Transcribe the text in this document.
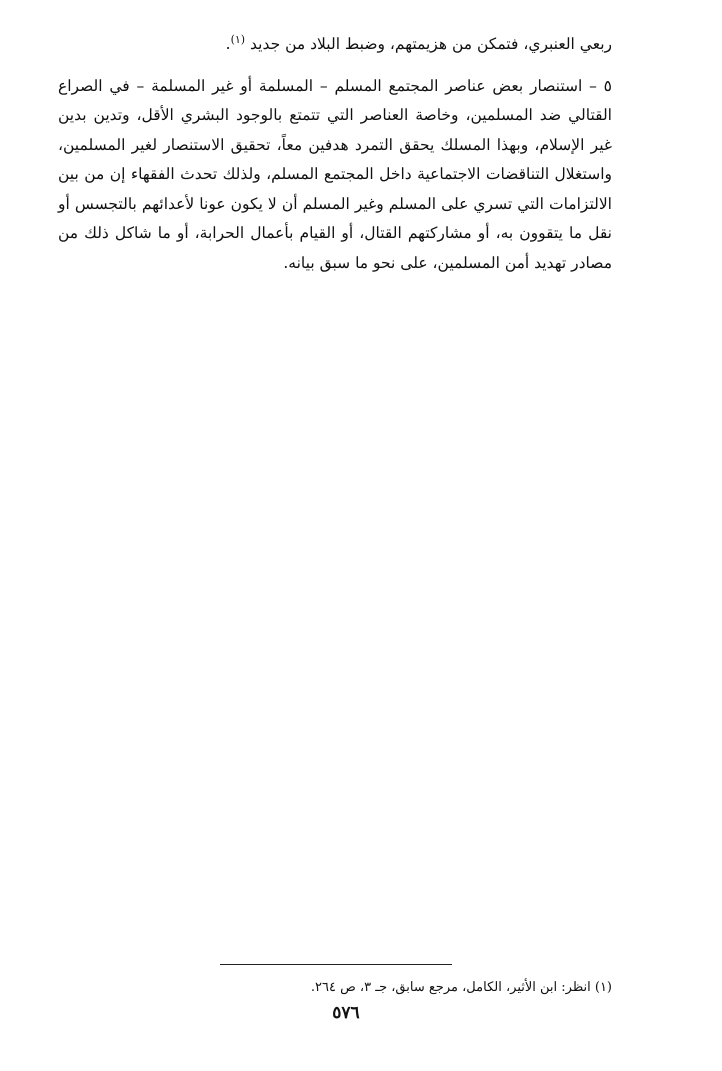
ربعي العنبري، فتمكن من هزيمتهم، وضبط البلاد من جديد $^{(١)}$.
٥ – استنصار بعض عناصر المجتمع المسلم – المسلمة أو غير المسلمة – في الصراع
القتالي ضد المسلمين، وخاصة العناصر التي تتمتع بالوجود البشري الأقل، وتدين بدين
غير الإسلام، وبهذا المسلك يحقق التمرد هدفين معاً، تحقيق الاستنصار لغير المسلمين،
واستغلال التناقضات الاجتماعية داخل المجتمع المسلم، ولذلك تحدث الفقهاء إن من بين
الالتزامات التي تسري على المسلم وغير المسلم أن لا يكون عونا لأعدائهم بالتجسس أو
نقل ما يتقوون به، أو مشاركتهم القتال، أو القيام بأعمال الحرابة، أو ما شاكل ذلك من
مصادر تهديد أمن المسلمين، على نحو ما سبق بيانه.
(١) انظر: ابن الأثير، الكامل، مرجع سابق، جـ ٣، ص ٢٦٤.
٥٧٦
